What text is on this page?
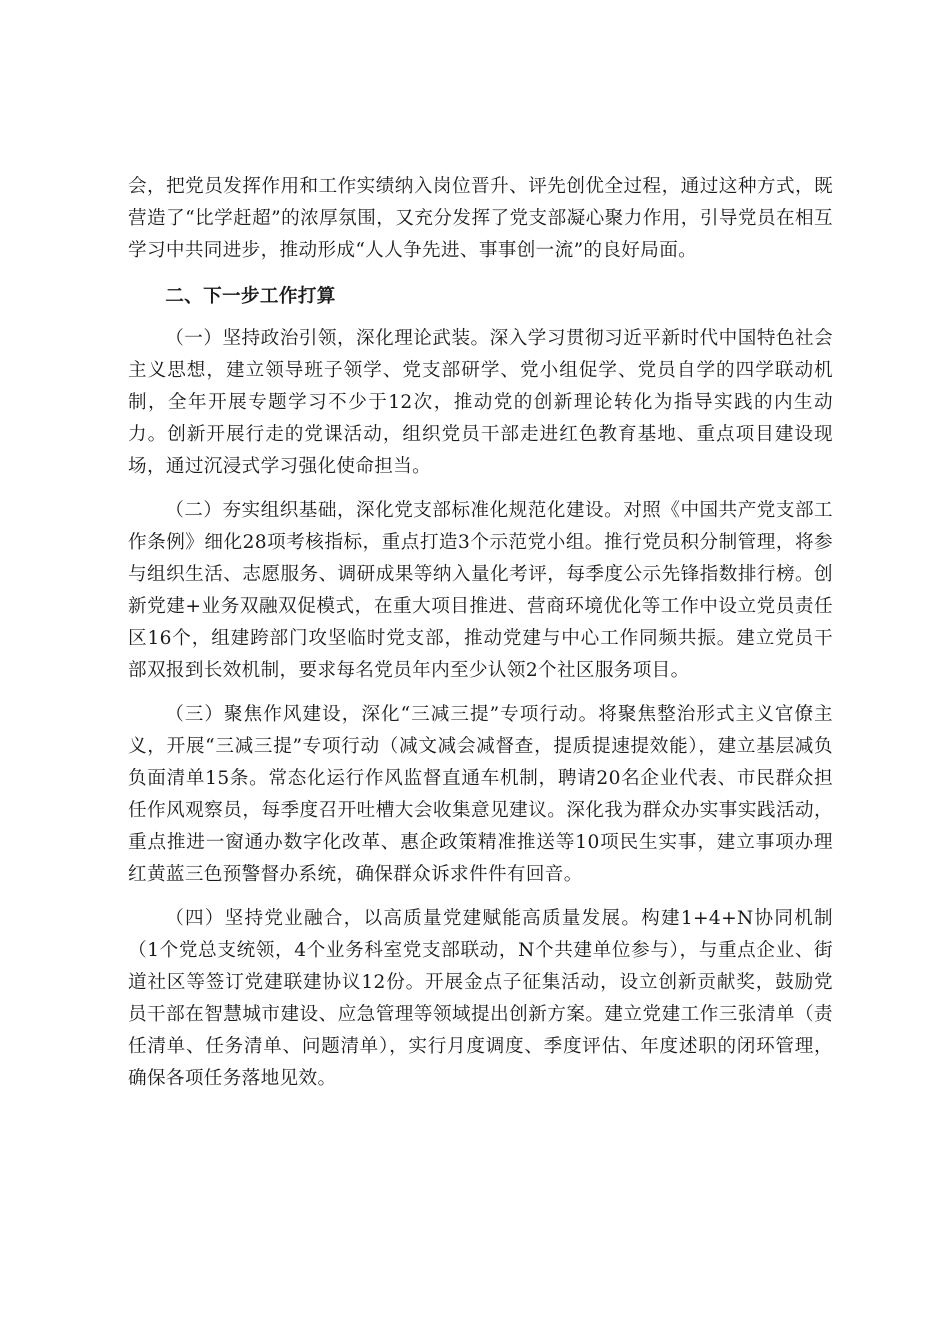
会，把党员发挥作用和工作实绩纳入岗位晋升、评先创优全过程，通过这种方式，既营造了“比学赶超”的浓厚氛围，又充分发挥了党支部凝心聚力作用，引导党员在相互学习中共同进步，推动形成“人人争先进、事事创一流”的良好局面。

二、下一步工作打算

（一）坚持政治引领，深化理论武装。深入学习贯彻习近平新时代中国特色社会主义思想，建立领导班子领学、党支部研学、党小组促学、党员自学的四学联动机制，全年开展专题学习不少于12次，推动党的创新理论转化为指导实践的内生动力。创新开展行走的党课活动，组织党员干部走进红色教育基地、重点项目建设现场，通过沉浸式学习强化使命担当。

（二）夯实组织基础，深化党支部标准化规范化建设。对照《中国共产党支部工作条例》细化28项考核指标，重点打造3个示范党小组。推行党员积分制管理，将参与组织生活、志愿服务、调研成果等纳入量化考评，每季度公示先锋指数排行榜。创新党建+业务双融双促模式，在重大项目推进、营商环境优化等工作中设立党员责任区16个，组建跨部门攻坚临时党支部，推动党建与中心工作同频共振。建立党员干部双报到长效机制，要求每名党员年内至少认领2个社区服务项目。

（三）聚焦作风建设，深化“三减三提”专项行动。将聚焦整治形式主义官僚主义，开展“三减三提”专项行动（减文减会减督查，提质提速提效能），建立基层减负负面清单15条。常态化运行作风监督直通车机制，聘请20名企业代表、市民群众担任作风观察员，每季度召开吐槽大会收集意见建议。深化我为群众办实事实践活动，重点推进一窗通办数字化改革、惠企政策精准推送等10项民生实事，建立事项办理红黄蓝三色预警督办系统，确保群众诉求件件有回音。

（四）坚持党业融合，以高质量党建赋能高质量发展。构建1+4+N协同机制（1个党总支统领，4个业务科室党支部联动，N个共建单位参与），与重点企业、街道社区等签订党建联建协议12份。开展金点子征集活动，设立创新贡献奖，鼓励党员干部在智慧城市建设、应急管理等领域提出创新方案。建立党建工作三张清单（责任清单、任务清单、问题清单），实行月度调度、季度评估、年度述职的闭环管理，确保各项任务落地见效。
